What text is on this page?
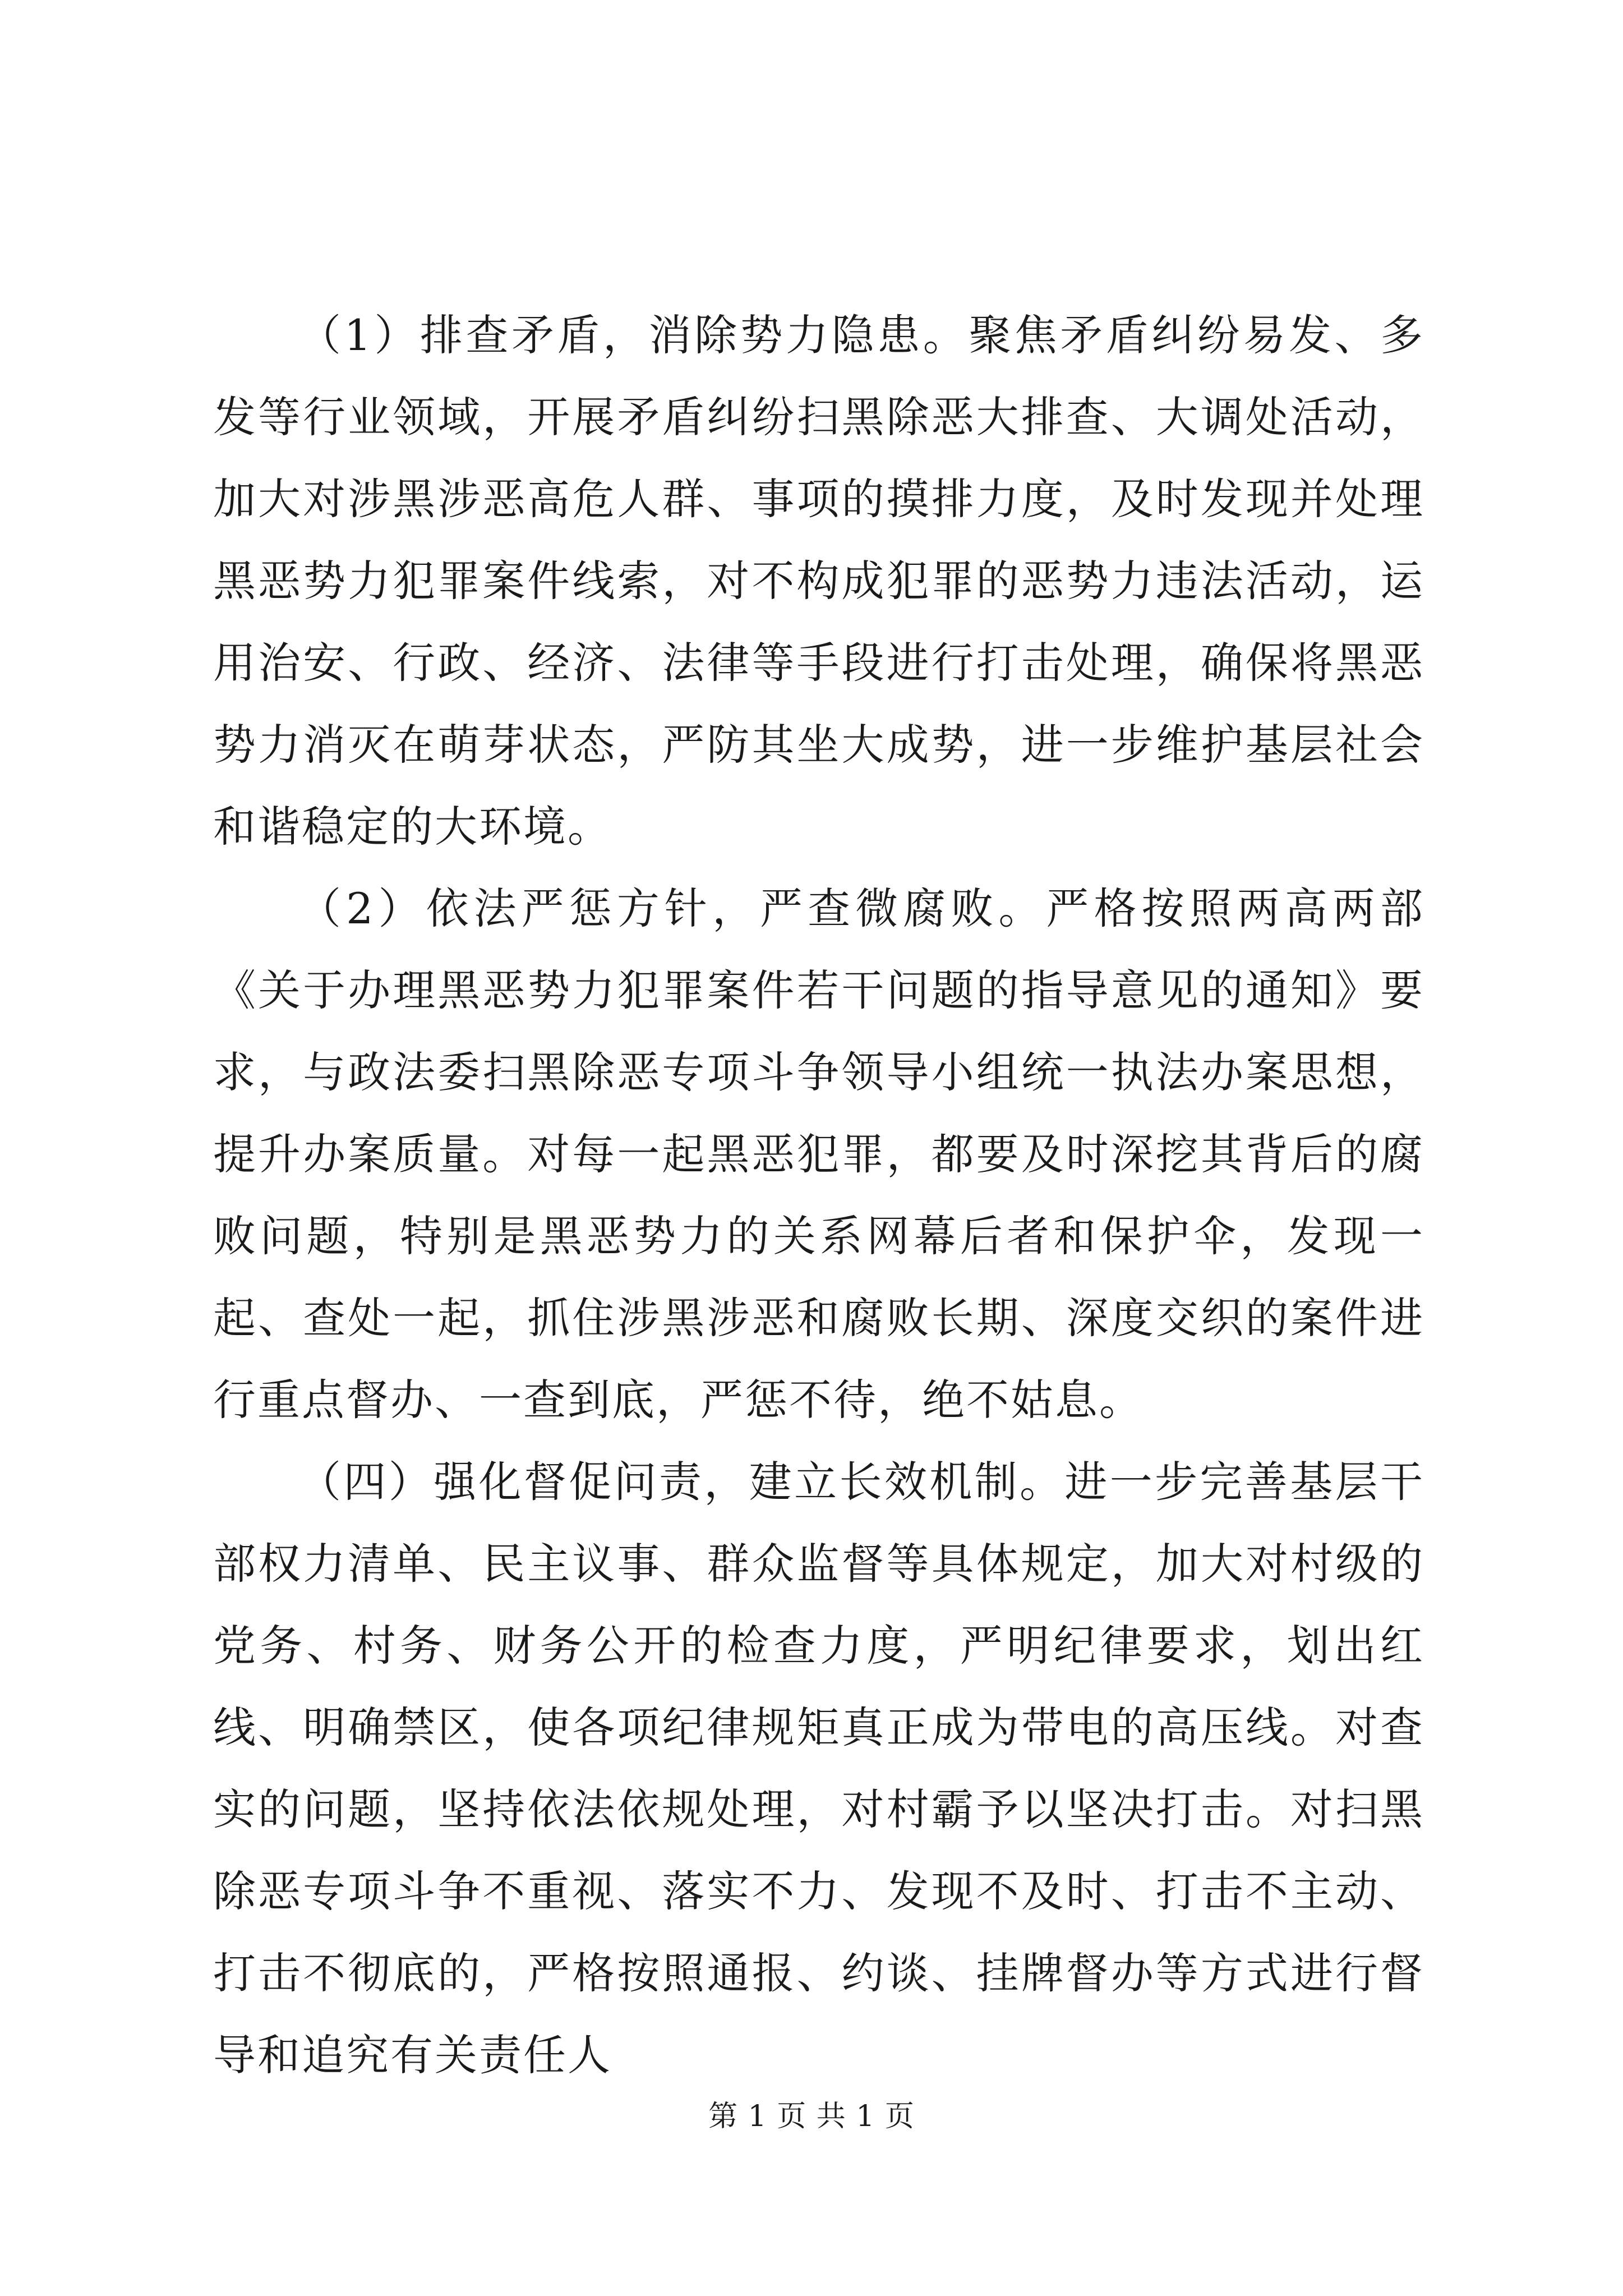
（1）排查矛盾，消除势力隐患。聚焦矛盾纠纷易发、多发等行业领域，开展矛盾纠纷扫黑除恶大排查、大调处活动，加大对涉黑涉恶高危人群、事项的摸排力度，及时发现并处理黑恶势力犯罪案件线索，对不构成犯罪的恶势力违法活动，运用治安、行政、经济、法律等手段进行打击处理，确保将黑恶势力消灭在萌芽状态，严防其坐大成势，进一步维护基层社会和谐稳定的大环境。

（2）依法严惩方针，严查微腐败。严格按照两高两部《关于办理黑恶势力犯罪案件若干问题的指导意见的通知》要求，与政法委扫黑除恶专项斗争领导小组统一执法办案思想，提升办案质量。对每一起黑恶犯罪，都要及时深挖其背后的腐败问题，特别是黑恶势力的关系网幕后者和保护伞，发现一起、查处一起，抓住涉黑涉恶和腐败长期、深度交织的案件进行重点督办、一查到底，严惩不待，绝不姑息。

（四）强化督促问责，建立长效机制。进一步完善基层干部权力清单、民主议事、群众监督等具体规定，加大对村级的党务、村务、财务公开的检查力度，严明纪律要求，划出红线、明确禁区，使各项纪律规矩真正成为带电的高压线。对查实的问题，坚持依法依规处理，对村霸予以坚决打击。对扫黑除恶专项斗争不重视、落实不力、发现不及时、打击不主动、打击不彻底的，严格按照通报、约谈、挂牌督办等方式进行督导和追究有关责任人

第 1 页 共 1 页
